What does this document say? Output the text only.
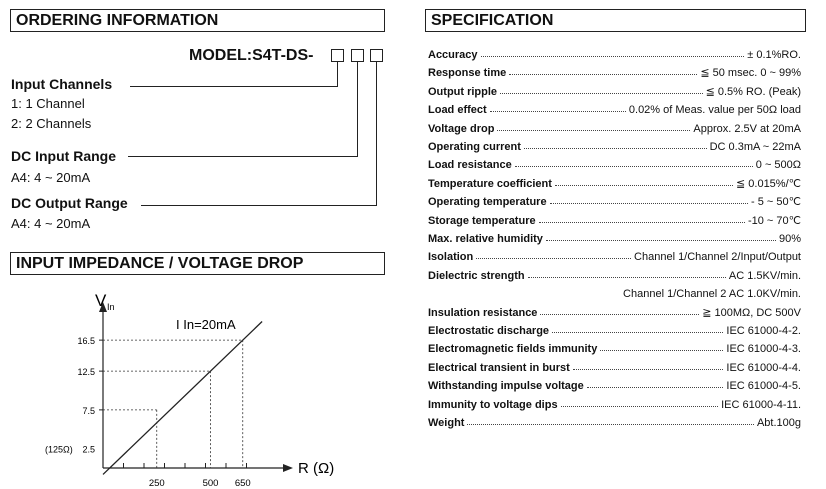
ORDERING INFORMATION
MODEL:S4T-DS-
Input Channels
1: 1 Channel
2: 2 Channels
DC Input Range
A4: 4 ~ 20mA
DC Output Range
A4: 4 ~ 20mA
INPUT IMPEDANCE / VOLTAGE DROP
V In
R (Ω)
I In=20mA
2.5
7.5
12.5
16.5
250	500 650
(125Ω)
SPECIFICATION
Accuracy	± 0.1%RO.
Response time	≦ 50 msec. 0 ~ 99%
Output ripple	≦ 0.5% RO. (Peak)
Load effect	0.02% of Meas. value per 50Ω load
Voltage drop	Approx. 2.5V at 20mA
Operating current	DC 0.3mA ~ 22mA
Load resistance	0 ~ 500Ω
Temperature coefficient	≦ 0.015%/℃
Operating temperature	- 5 ~ 50℃
Storage temperature	-10 ~ 70℃
Max. relative humidity	90%
Isolation	Channel 1/Channel 2/Input/Output
Dielectric strength	AC 1.5KV/min.
Channel 1/Channel 2 AC 1.0KV/min.
Insulation resistance	≧ 100MΩ, DC 500V
Electrostatic discharge	IEC 61000-4-2.
Electromagnetic fields immunity	IEC 61000-4-3.
Electrical transient in burst	IEC 61000-4-4.
Withstanding impulse voltage	IEC 61000-4-5.
Immunity to voltage dips	IEC 61000-4-11.
Weight	Abt.100g
